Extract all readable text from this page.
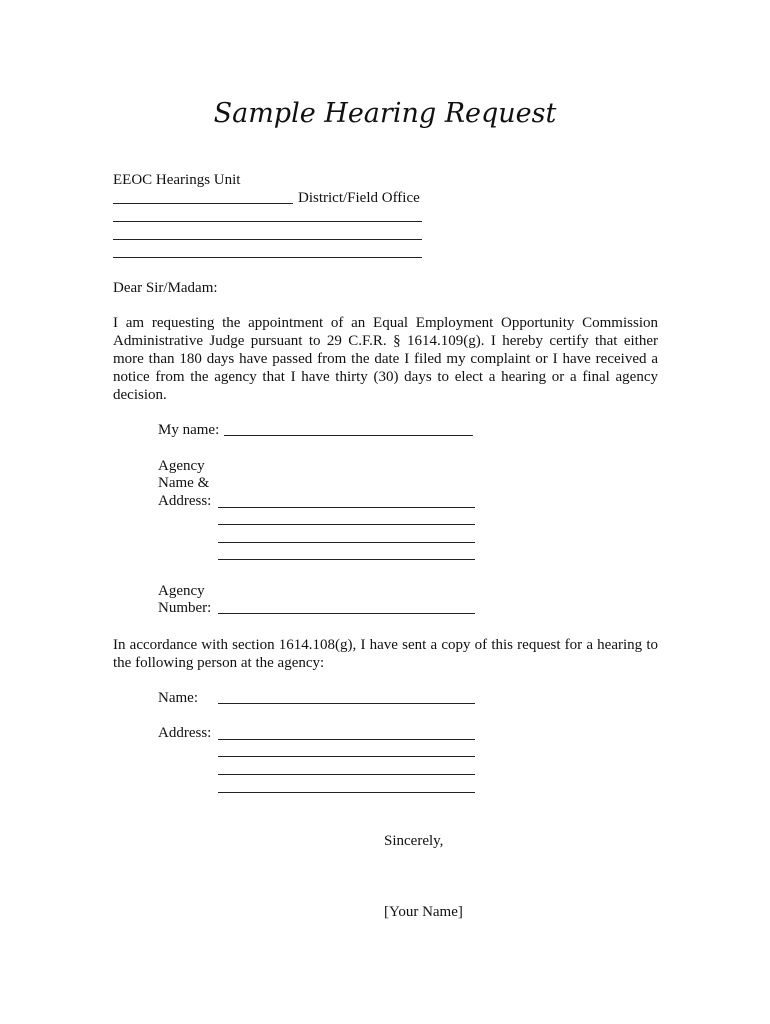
Sample Hearing Request
EEOC Hearings Unit
District/Field Office
Dear Sir/Madam:
I am requesting the appointment of an Equal Employment Opportunity Commission Administrative Judge pursuant to 29 C.F.R. § 1614.109(g). I hereby certify that either more than 180 days have passed from the date I filed my complaint or I have received a notice from the agency that I have thirty (30) days to elect a hearing or a final agency decision.
My name:
Agency
Name &
Address:
Agency
Number:
In accordance with section 1614.108(g), I have sent a copy of this request for a hearing to the following person at the agency:
Name:
Address:
Sincerely,
[Your Name]
